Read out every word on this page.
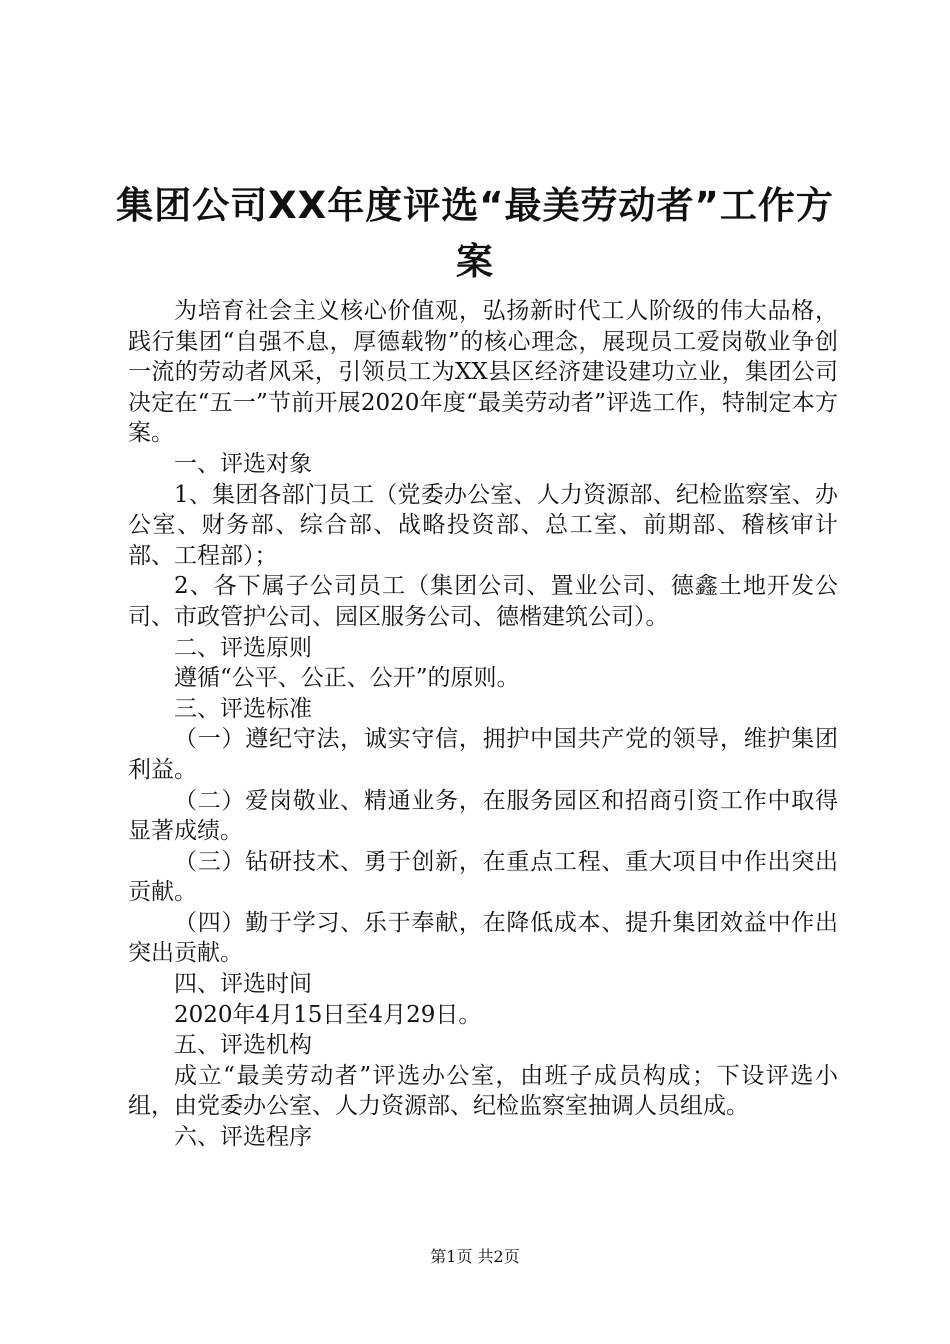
集团公司XX年度评选“最美劳动者”工作方案

为培育社会主义核心价值观，弘扬新时代工人阶级的伟大品格，践行集团“自强不息，厚德载物”的核心理念，展现员工爱岗敬业争创一流的劳动者风采，引领员工为XX县区经济建设建功立业，集团公司决定在“五一”节前开展2020年度“最美劳动者”评选工作，特制定本方案。

一、评选对象

1、集团各部门员工（党委办公室、人力资源部、纪检监察室、办公室、财务部、综合部、战略投资部、总工室、前期部、稽核审计部、工程部）；

2、各下属子公司员工（集团公司、置业公司、德鑫土地开发公司、市政管护公司、园区服务公司、德楷建筑公司）。

二、评选原则

遵循“公平、公正、公开”的原则。

三、评选标准

（一）遵纪守法，诚实守信，拥护中国共产党的领导，维护集团利益。

（二）爱岗敬业、精通业务，在服务园区和招商引资工作中取得显著成绩。

（三）钻研技术、勇于创新，在重点工程、重大项目中作出突出贡献。

（四）勤于学习、乐于奉献，在降低成本、提升集团效益中作出突出贡献。

四、评选时间

2020年4月15日至4月29日。

五、评选机构

成立“最美劳动者”评选办公室，由班子成员构成；下设评选小组，由党委办公室、人力资源部、纪检监察室抽调人员组成。

六、评选程序

第1页 共2页
